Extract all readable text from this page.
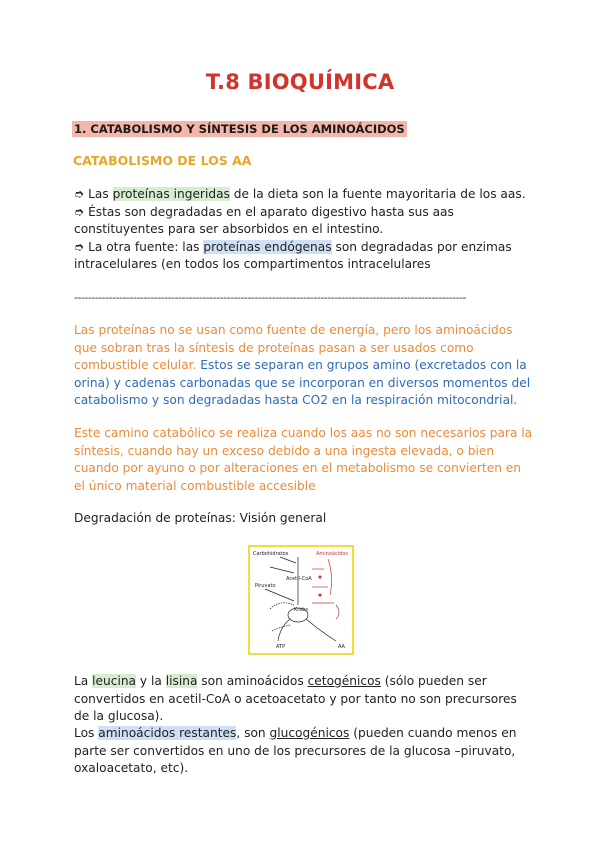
T.8 BIOQUÍMICA
1. CATABOLISMO Y SÍNTESIS DE LOS AMINOÁCIDOS
CATABOLISMO DE LOS AA
➮ Las proteínas ingeridas de la dieta son la fuente mayoritaria de los aas.
➮ Éstas son degradadas en el aparato digestivo hasta sus aas
constituyentes para ser absorbidos en el intestino.
➮ La otra fuente: las proteínas endógenas son degradadas por enzimas
intracelulares (en todos los compartimentos intracelulares
-----------------------------------------------------------------------------------------------------------------
Las proteínas no se usan como fuente de energía, pero los aminoácidos que sobran tras la síntesis de proteínas pasan a ser usados como combustible celular. Estos se separan en grupos amino (excretados con la orina) y cadenas carbonadas que se incorporan en diversos momentos del catabolismo y son degradadas hasta CO2 en la respiración mitocondrial.
Este camino catabólico se realiza cuando los aas no son necesarios para la síntesis, cuando hay un exceso debido a una ingesta elevada, o bien cuando por ayuno o por alteraciones en el metabolismo se convierten en el único material combustible accesible
Degradación de proteínas: Visión general
Carbohidratos	Aminoácidos
Piruvato
Acetil-CoA
Krebs
ATP	AA
La leucina y la lisina son aminoácidos cetogénicos (sólo pueden ser convertidos en acetil-CoA o acetoacetato y por tanto no son precursores de la glucosa).
Los aminoácidos restantes, son glucogénicos (pueden cuando menos en parte ser convertidos en uno de los precursores de la glucosa –piruvato, oxaloacetato, etc).
